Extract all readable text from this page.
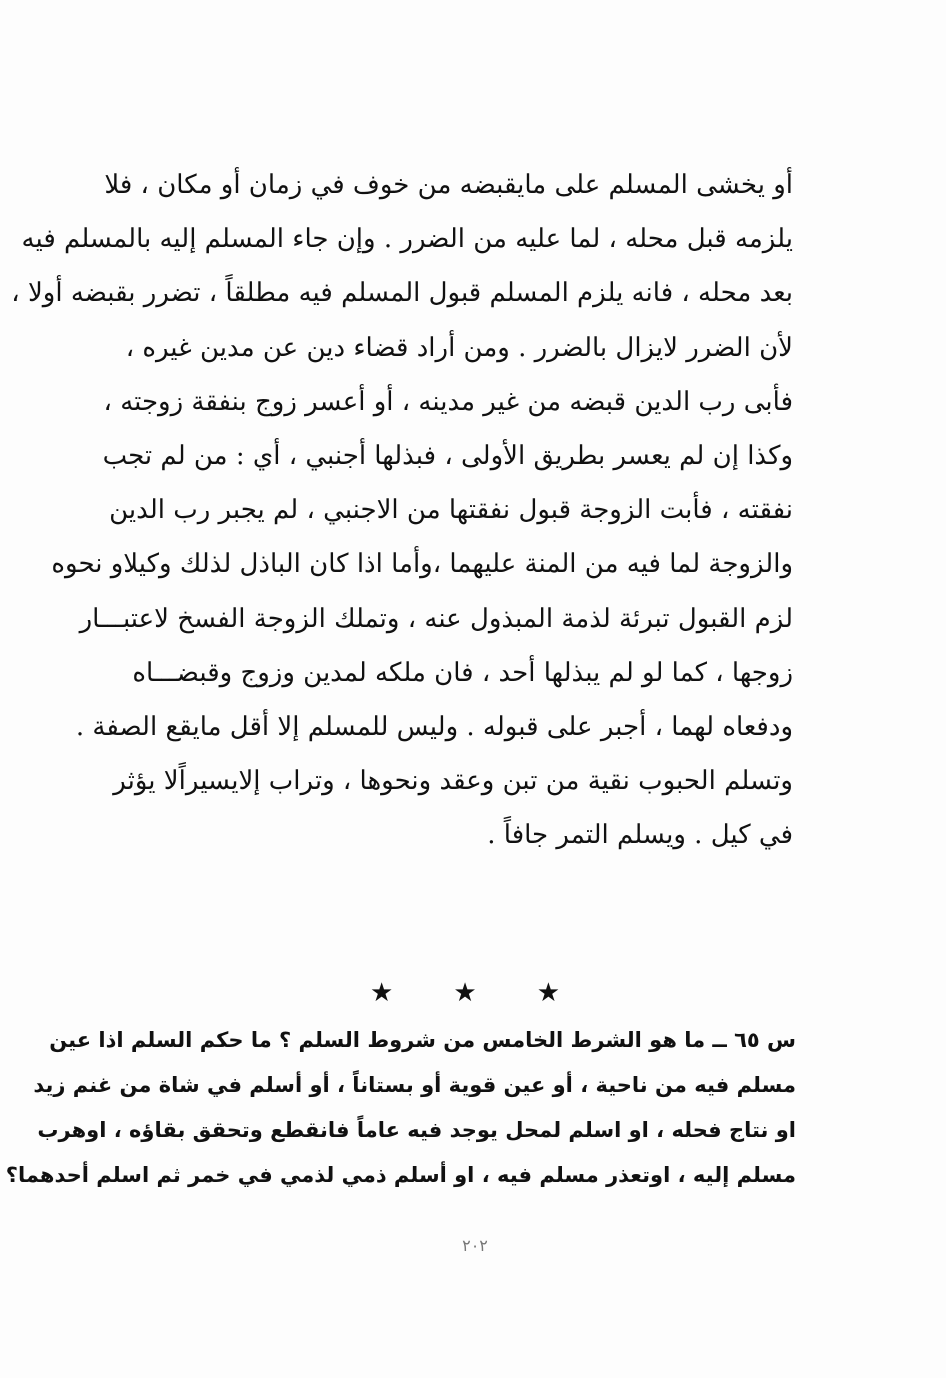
أو يخشى المسلم على مايقبضه من خوف في زمان أو مكان ، فلا
يلزمه قبل محله ، لما عليه من الضرر . وإن جاء المسلم إليه بالمسلم فيه
بعد محله ، فانه يلزم المسلم قبول المسلم فيه مطلقاً ، تضرر بقبضه أولا ،
لأن الضرر لايزال بالضرر . ومن أراد قضاء دين عن مدين غيره ،
فأبى رب الدين قبضه من غير مدينه ، أو أعسر زوج بنفقة زوجته ،
وكذا إن لم يعسر بطريق الأولى ، فبذلها أجنبي ، أي : من لم تجب
نفقته ، فأبت الزوجة قبول نفقتها من الاجنبي ، لم يجبر رب الدين
والزوجة لما فيه من المنة عليهما ،وأما اذا كان الباذل لذلك وكيلاو نحوه
لزم القبول تبرئة لذمة المبذول عنه ، وتملك الزوجة الفسخ لاعتبـــار
زوجها ، كما لو لم يبذلها أحد ، فان ملكه لمدين وزوج وقبضـــاه
ودفعاه لهما ، أجبر على قبوله . وليس للمسلم إلا أقل مايقع الصفة .
وتسلم الحبوب نقية من تبن وعقد ونحوها ، وتراب إلايسيراًلا يؤثر
في كيل . ويسلم التمر جافاً .
★ ★ ★
س ٦٥ ــ ما هو الشرط الخامس من شروط السلم ؟ ما حكم السلم اذا عين
مسلم فيه من ناحية ، أو عين قوية أو بستاناً ، أو أسلم في شاة من غنم زيد
او نتاج فحله ، او اسلم لمحل يوجد فيه عاماً فانقطع وتحقق بقاؤه ، اوهرب
مسلم إليه ، اوتعذر مسلم فيه ، او أسلم ذمي لذمي في خمر ثم اسلم أحدهما؟
٢٠٢
